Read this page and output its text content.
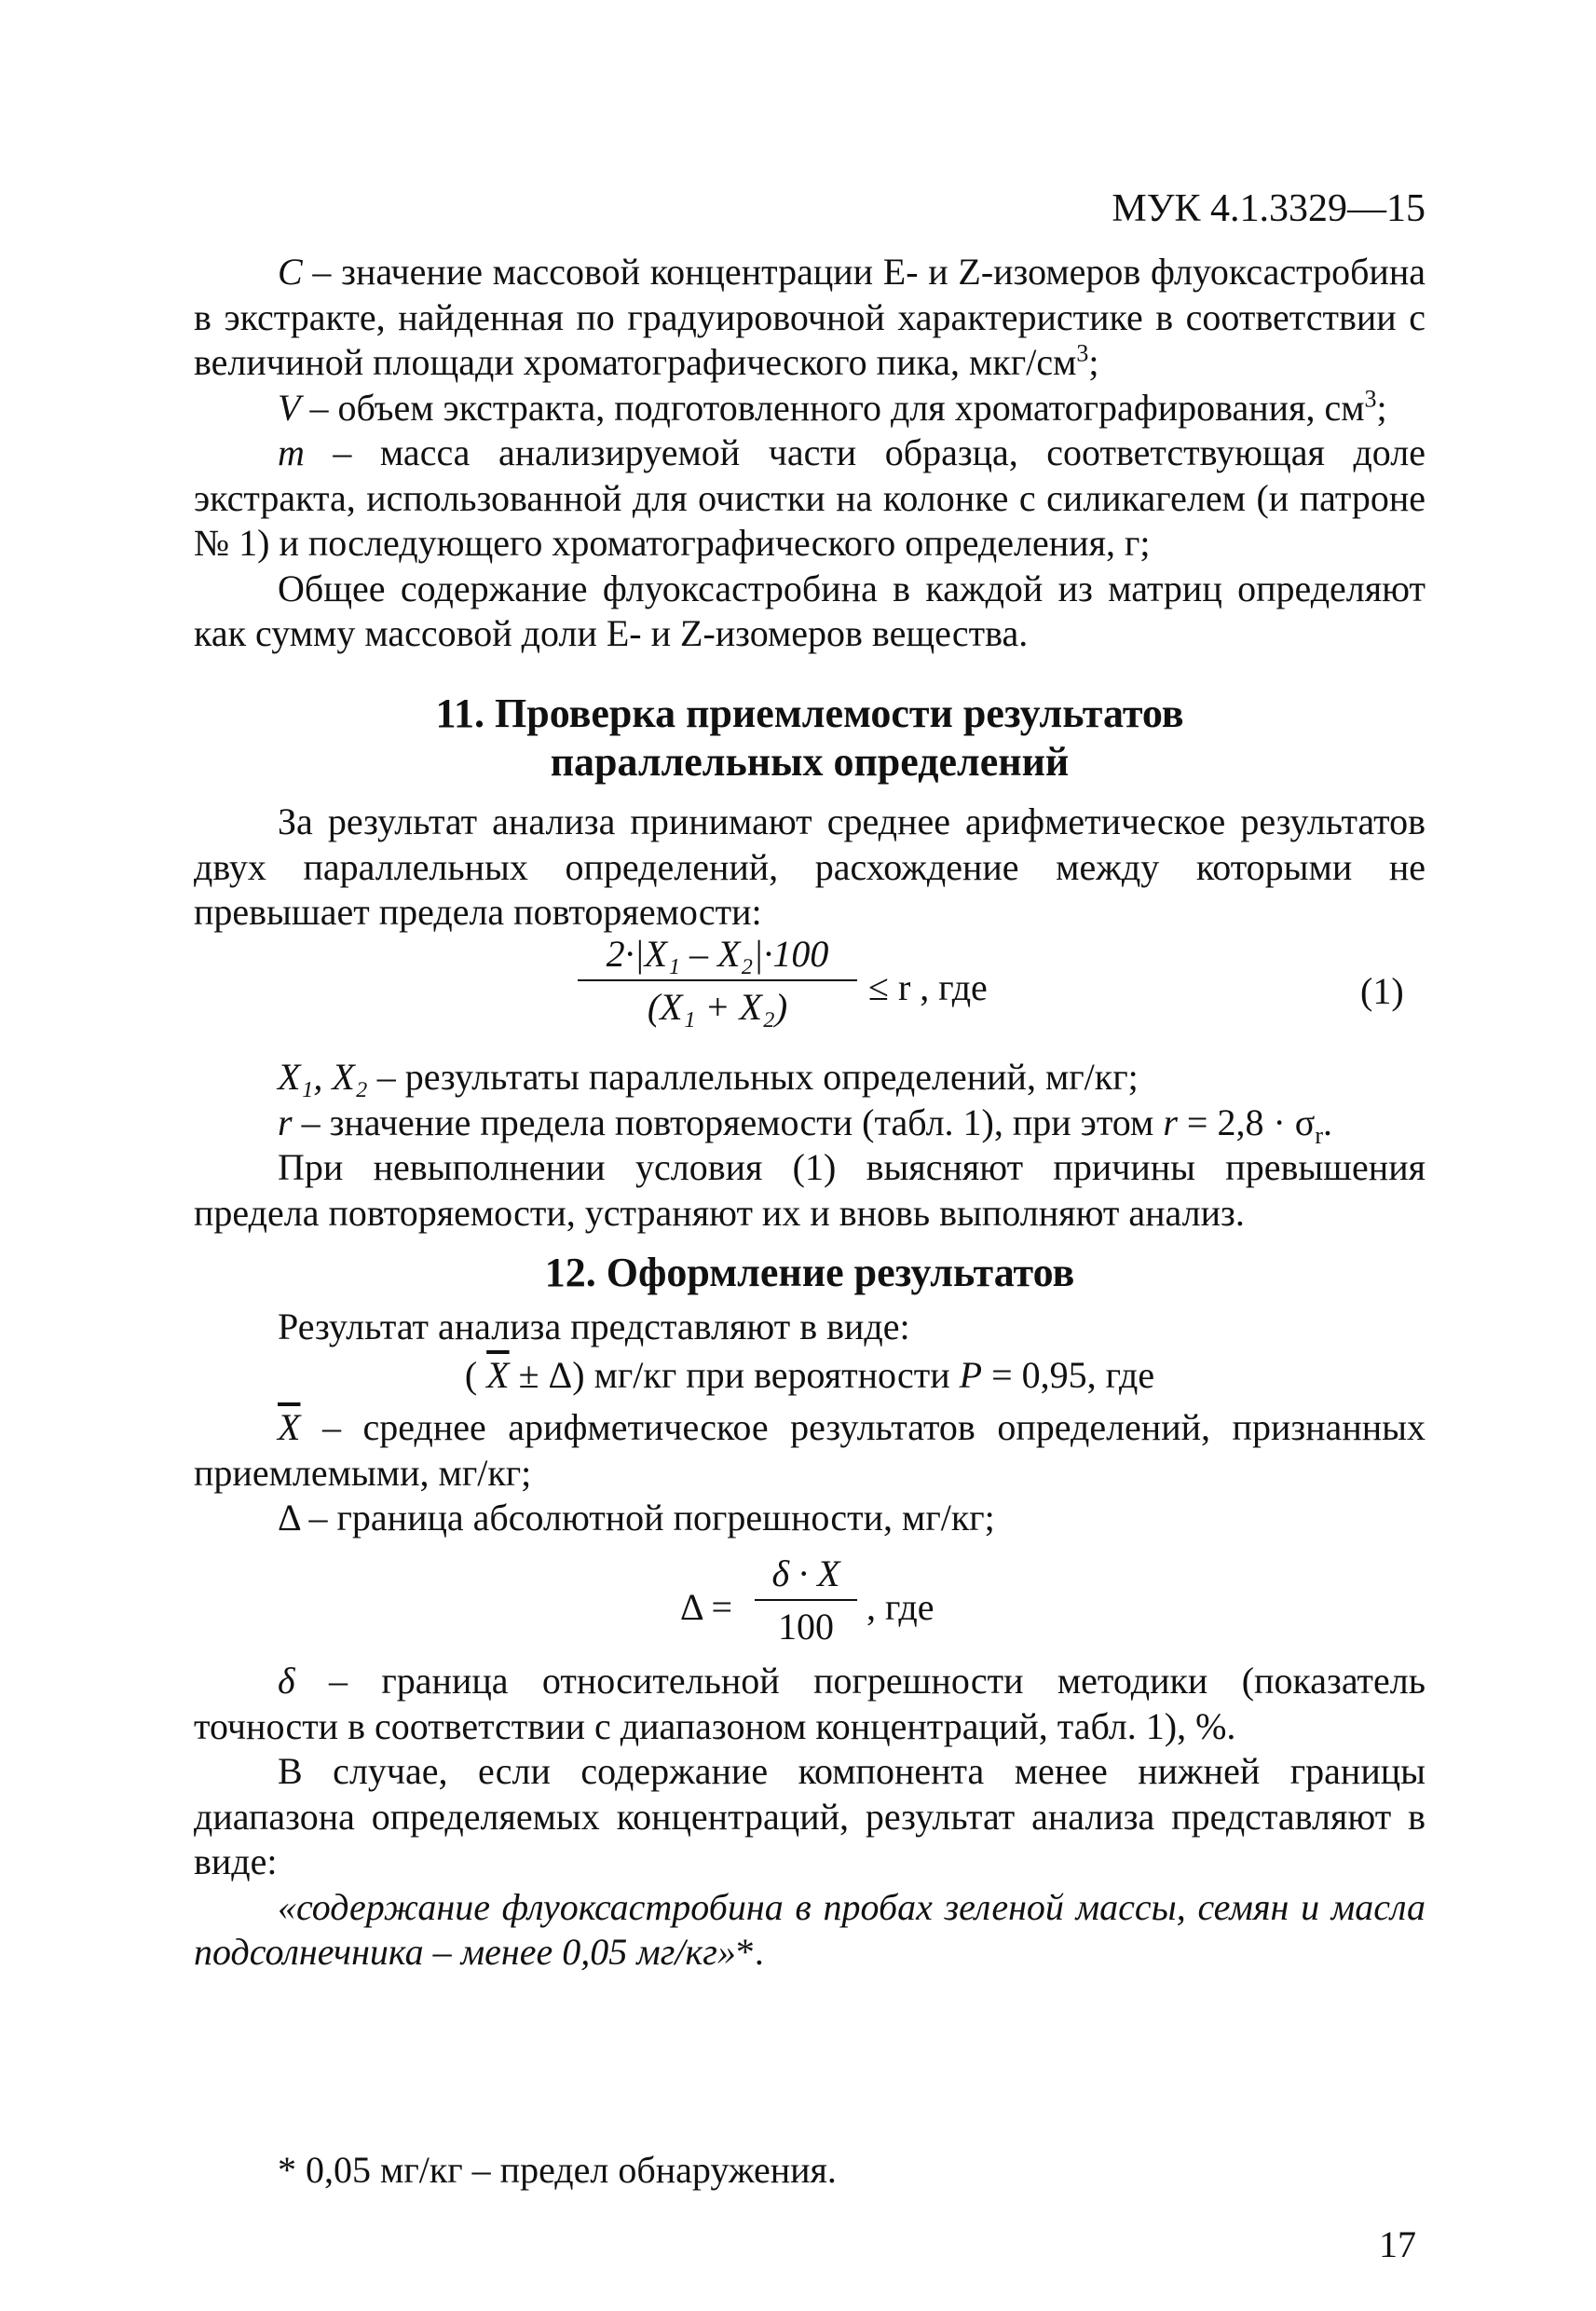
МУК 4.1.3329—15

С – значение массовой концентрации Е- и Z-изомеров флуоксастробина в экстракте, найденная по градуировочной характеристике в соответствии с величиной площади хроматографического пика, мкг/$см^3$;

V – объем экстракта, подготовленного для хроматографирования, $см^3$;

m – масса анализируемой части образца, соответствующая доле экстракта, использованной для очистки на колонке с силикагелем (и патроне № 1) и последующего хроматографического определения, г;

Общее содержание флуоксастробина в каждой из матриц определяют как сумму массовой доли Е- и Z-изомеров вещества.

11. Проверка приемлемости результатов
параллельных определений

За результат анализа принимают среднее арифметическое результатов двух параллельных определений, расхождение между которыми не превышает предела повторяемости:

$\frac{\text{2·|X₁ – X₂|·100}}{\text{(X₁ + X₂)}} \le r$ , где	(1)

X₁, X₂ – результаты параллельных определений, мг/кг;

r – значение предела повторяемости (табл. 1), при этом $r = 2,8 \cdot \sigma_r$.

При невыполнении условия (1) выясняют причины превышения предела повторяемости, устраняют их и вновь выполняют анализ.

12. Оформление результатов

Результат анализа представляют в виде:

( $\overline{X} \pm \Delta$) мг/кг при вероятности P = 0,95, где

$\overline{X}$ – среднее арифметическое результатов определений, признанных приемлемыми, мг/кг;

Δ – граница абсолютной погрешности, мг/кг;

$\Delta = \frac{\delta \cdot X}{100}$ , где

δ – граница относительной погрешности методики (показатель точности в соответствии с диапазоном концентраций, табл. 1), %.

В случае, если содержание компонента менее нижней границы диапазона определяемых концентраций, результат анализа представляют в виде:

«содержание флуоксастробина в пробах зеленой массы, семян и масла подсолнечника – менее 0,05 мг/кг»*.

* 0,05 мг/кг – предел обнаружения.
17
